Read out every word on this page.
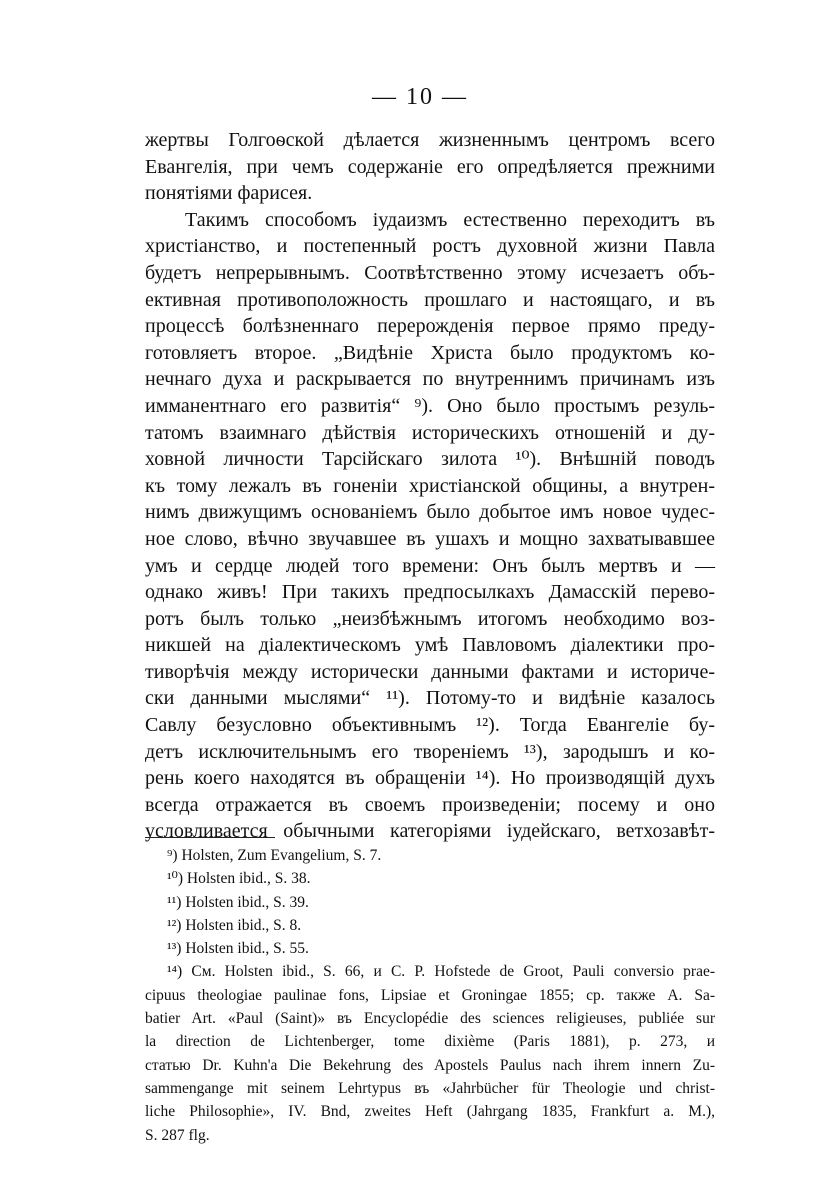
— 10 —
жертвы Голгоѳской дѣлается жизненнымъ центромъ всего
Евангелія, при чемъ содержаніе его опредѣляется прежними
понятіями фарисея.
Такимъ способомъ іудаизмъ естественно переходитъ въ
христіанство, и постепенный ростъ духовной жизни Павла
будетъ непрерывнымъ. Соотвѣтственно этому исчезаетъ объ-
ективная противоположность прошлаго и настоящаго, и въ
процессѣ болѣзненнаго перерожденія первое прямо преду-
готовляетъ второе. „Видѣніе Христа было продуктомъ ко-
нечнаго духа и раскрывается по внутреннимъ причинамъ изъ
имманентнаго его развитія“ ⁹). Оно было простымъ резуль-
татомъ взаимнаго дѣйствія историческихъ отношеній и ду-
ховной личности Тарсійскаго зилота ¹⁰). Внѣшній поводъ
къ тому лежалъ въ гоненіи христіанской общины, а внутрен-
нимъ движущимъ основаніемъ было добытое имъ новое чудес-
ное слово, вѣчно звучавшее въ ушахъ и мощно захватывавшее
умъ и сердце людей того времени: Онъ былъ мертвъ и —
однако живъ! При такихъ предпосылкахъ Дамасскій перево-
ротъ былъ только „неизбѣжнымъ итогомъ необходимо воз-
никшей на діалектическомъ умѣ Павловомъ діалектики про-
тиворѣчія между исторически данными фактами и историче-
ски данными мыслями“ ¹¹). Потому-то и видѣніе казалось
Савлу безусловно объективнымъ ¹²). Тогда Евангеліе бу-
детъ исключительнымъ его твореніемъ ¹³), зародышъ и ко-
рень коего находятся въ обращеніи ¹⁴). Но производящій духъ
всегда отражается въ своемъ произведеніи; посему и оно
условливается обычными категоріями іудейскаго, ветхозавѣт-
⁹) Holsten, Zum Evangelium, S. 7.
¹⁰) Holsten ibid., S. 38.
¹¹) Holsten ibid., S. 39.
¹²) Holsten ibid., S. 8.
¹³) Holsten ibid., S. 55.
¹⁴) См. Holsten ibid., S. 66, и C. P. Hofstede de Groot, Pauli conversio prae-
cipuus theologiae paulinae fons, Lipsiae et Groningae 1855; ср. также A. Sa-
batier Art. «Paul (Saint)» въ Encyclopédie des sciences religieuses, publiée sur
la direction de Lichtenberger, tome dixième (Paris 1881), p. 273, и
статью Dr. Kuhn'a Die Bekehrung des Apostels Paulus nach ihrem innern Zu-
sammengange mit seinem Lehrtypus въ «Jahrbücher für Theologie und christ-
liche Philosophie», IV. Bnd, zweites Heft (Jahrgang 1835, Frankfurt a. M.),
S. 287 flg.
